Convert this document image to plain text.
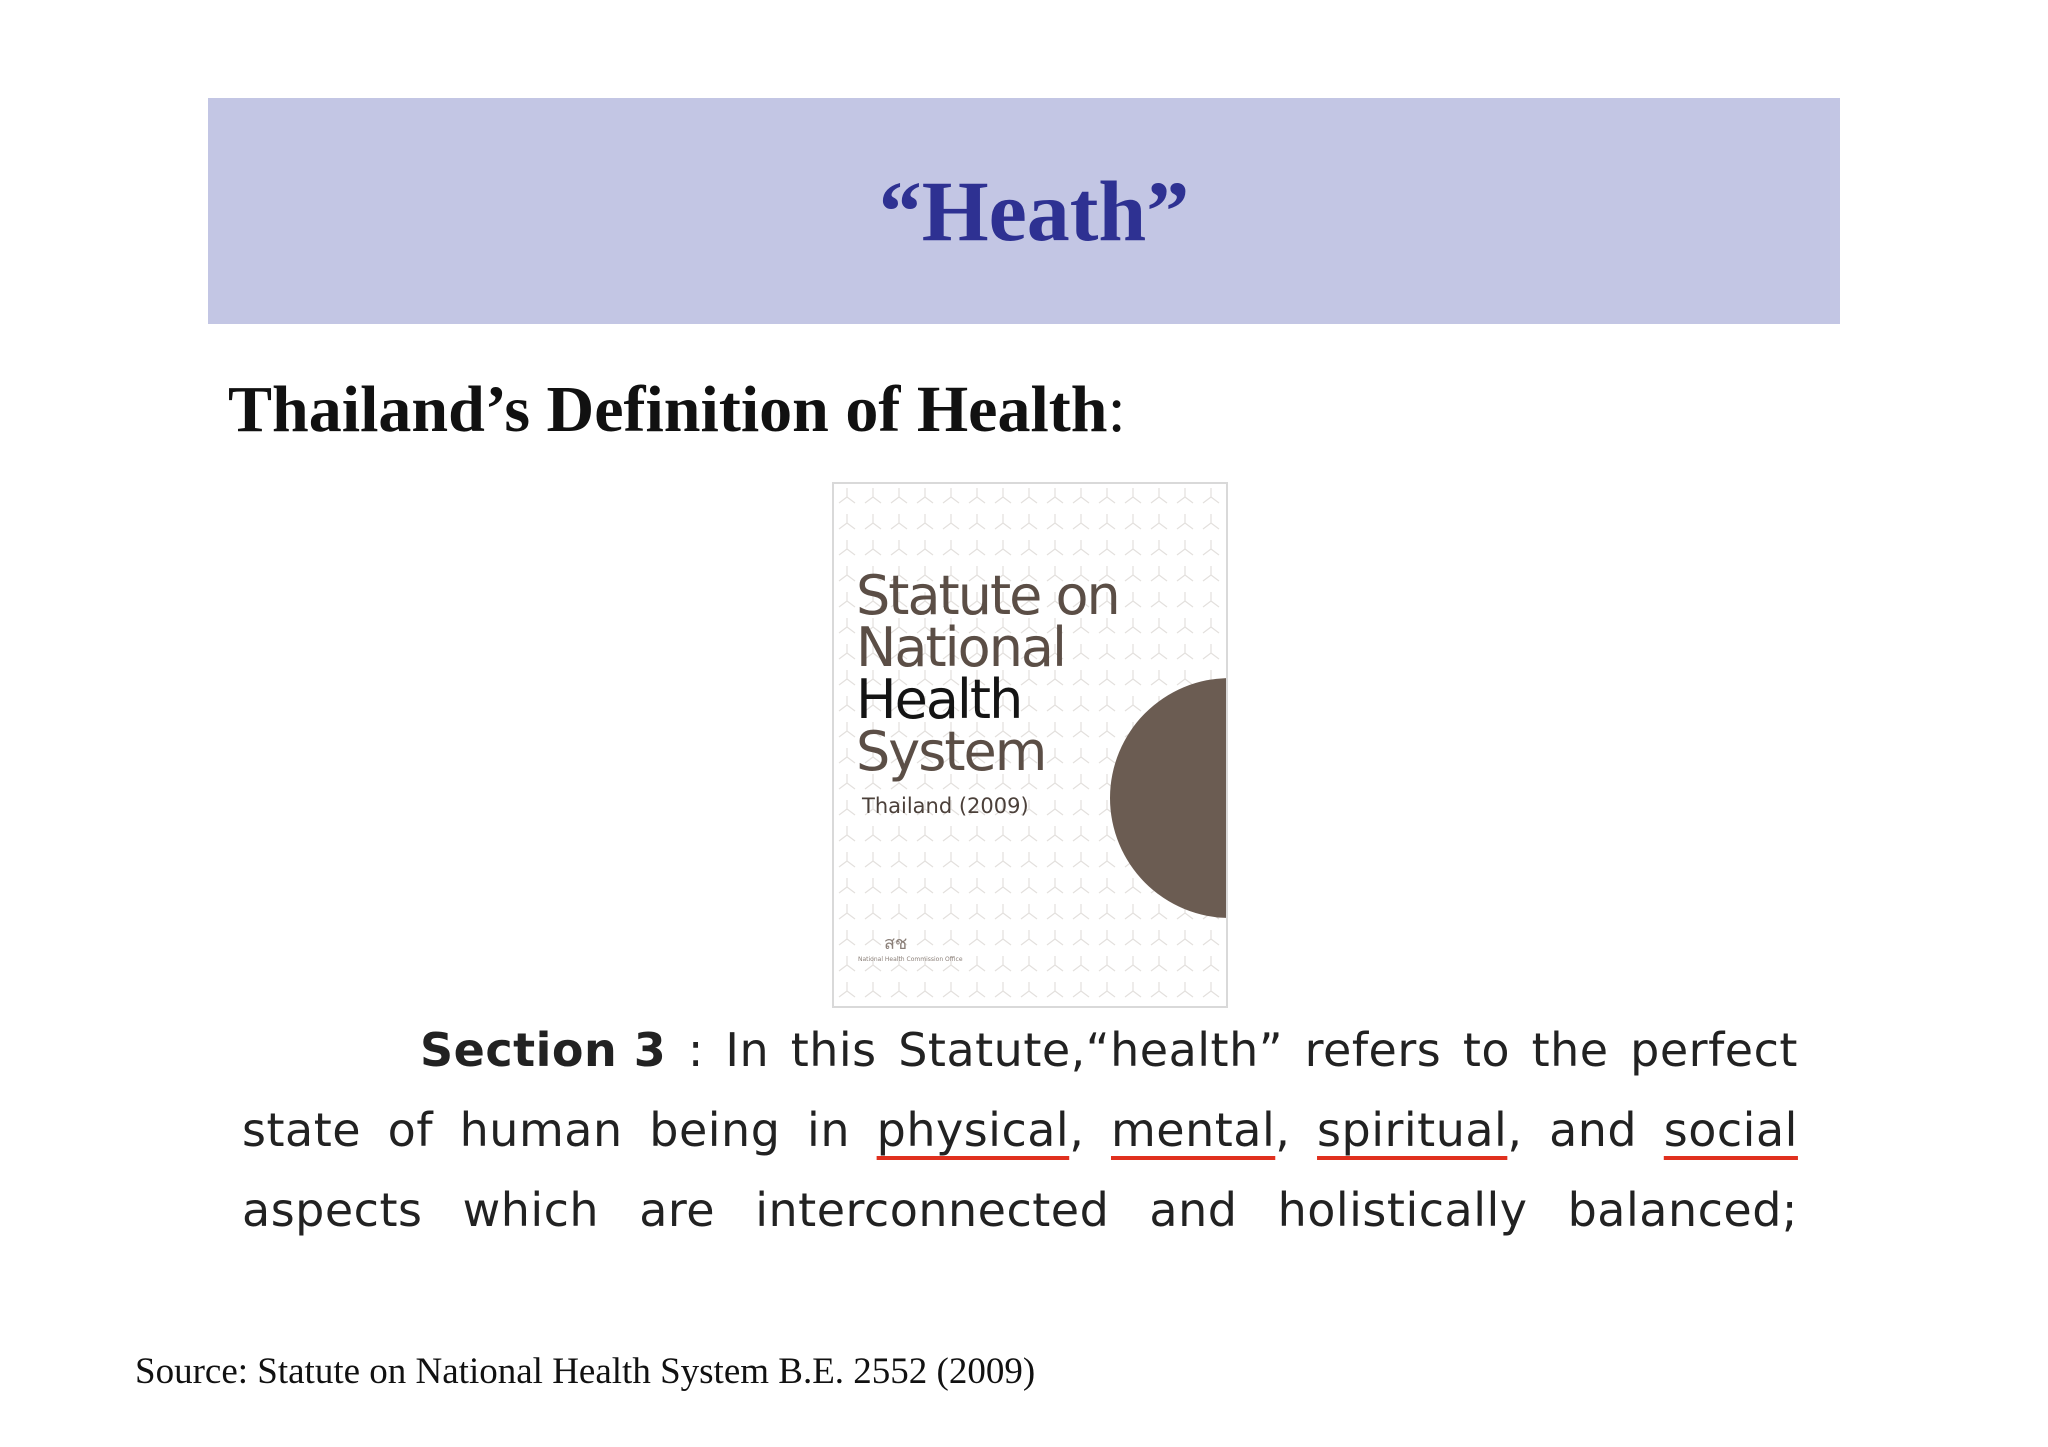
“Heath”
Thailand’s Definition of Health:
Statute on
National
Health
System
Thailand (2009)
สช
National Health Commission Office
Section 3 : In this Statute,“health” refers to the perfect
state of human being in physical, mental, spiritual, and social
aspects which are interconnected and holistically balanced;
Source: Statute on National Health System B.E. 2552 (2009)
